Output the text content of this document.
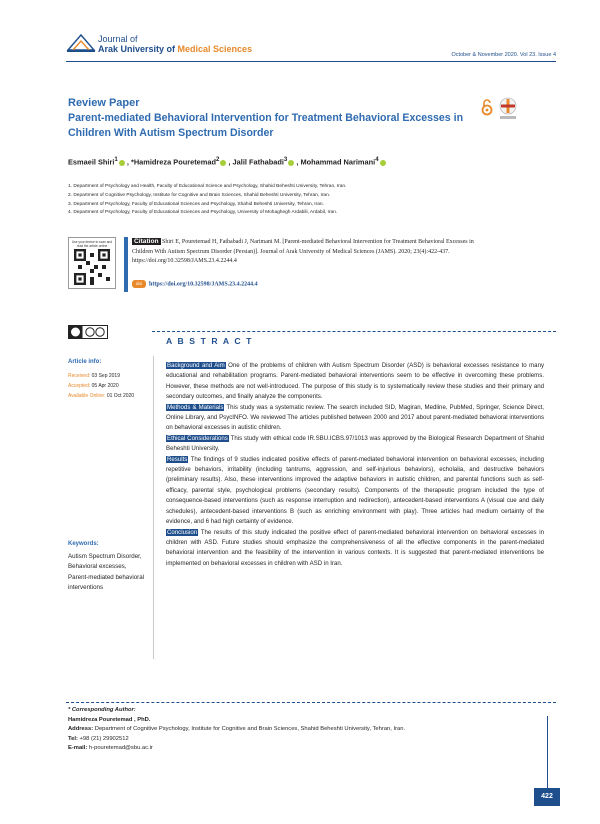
Journal of
Arak University of Medical Sciences
October & November 2020. Vol 23. Issue 4
Review Paper
Parent-mediated Behavioral Intervention for Treatment Behavioral Excesses in Children With Autism Spectrum Disorder
Esmaeil Shiri$^1$ , *Hamidreza Pouretemad$^2$ , Jalil Fathabadi$^3$ , Mohammad Narimani$^4$
1. Department of Psychology and Health, Faculty of Educational Science and Psychology, Shahid Beheshti University, Tehran, Iran.
2. Department of Cognitive Psychology, Institute for Cognitive and Brain Sciences, Shahid Beheshti University, Tehran, Iran.
3. Department of Psychology, Faculty of Educational Sciences and Psychology, Shahid Beheshti University, Tehran, Iran.
4. Department of Psychology, Faculty of Educational Sciences and Psychology, University of Mohaghegh Ardabili, Ardabil, Iran.
Use your device to scan and read the article online
Citation Shiri E, Pouretemad H, Fathabadi J, Narimani M. [Parent-mediated Behavioral Intervention for Treatment Behavioral Excesses in Children With Autism Spectrum Disorder (Persian)]. Journal of Arak University of Medical Sciences (JAMS). 2020; 23(4):422-437. https://doi.org/10.32598/JAMS.23.4.2244.4
doi https://doi.org/10.32598/JAMS.23.4.2244.4
Article info:
Received: 03 Sep 2019
Accepted: 05 Apr 2020
Available Online: 01 Oct 2020
Keywords:
Autism Spectrum Disorder, Behavioral excesses, Parent-mediated behavioral interventions
A B S T R A C T

Background and Aim One of the problems of children with Autism Spectrum Disorder (ASD) is behavioral excesses resistance to many educational and rehabilitation programs. Parent-mediated behavioral interventions seem to be effective in overcoming these problems. However, these methods are not well-introduced. The purpose of this study is to systematically review these studies and their primary and secondary outcomes, and finally analyze the components.

Methods & Materials This study was a systematic review. The search included SID, Magiran, Medline, PubMed, Springer, Science Direct, Online Library, and PsycINFO. We reviewed The articles published between 2000 and 2017 about parent-mediated behavioral interventions on behavioral excesses in autistic children.

Ethical Considerations This study with ethical code IR.SBU.ICBS.97/1013 was approved by the Biological Research Department of Shahid Beheshti University.

Results The findings of 9 studies indicated positive effects of parent-mediated behavioral intervention on behavioral excesses, including repetitive behaviors, irritability (including tantrums, aggression, and self-injurious behaviors), echolalia, and destructive behaviors (preliminary results). Also, these interventions improved the adaptive behaviors in autistic children, and parental functions such as self-efficacy, parental style, psychological problems (secondary results). Components of the therapeutic program included the type of consequence-based interventions (such as response interruption and redirection), antecedent-based interventions A (visual cue and daily schedules), antecedent-based interventions B (such as enriching environment with play). Three articles had medium certainty of the evidence, and 6 had high certainty of evidence.

Conclusion The results of this study indicated the positive effect of parent-mediated behavioral intervention on behavioral excesses in children with ASD. Future studies should emphasize the comprehensiveness of all the effective components in the parent-mediated behavioral intervention and the feasibility of the intervention in various contexts. It is suggested that parent-mediated interventions be implemented on behavioral excesses in children with ASD in Iran.

* Corresponding Author:
Hamidreza Pouretemad , PhD.
Address: Department of Cognitive Psychology, Institute for Cognitive and Brain Sciences, Shahid Beheshti University, Tehran, Iran.
Tel: +98 (21) 29902512
E-mail: h-pouretemad@sbu.ac.ir
422
